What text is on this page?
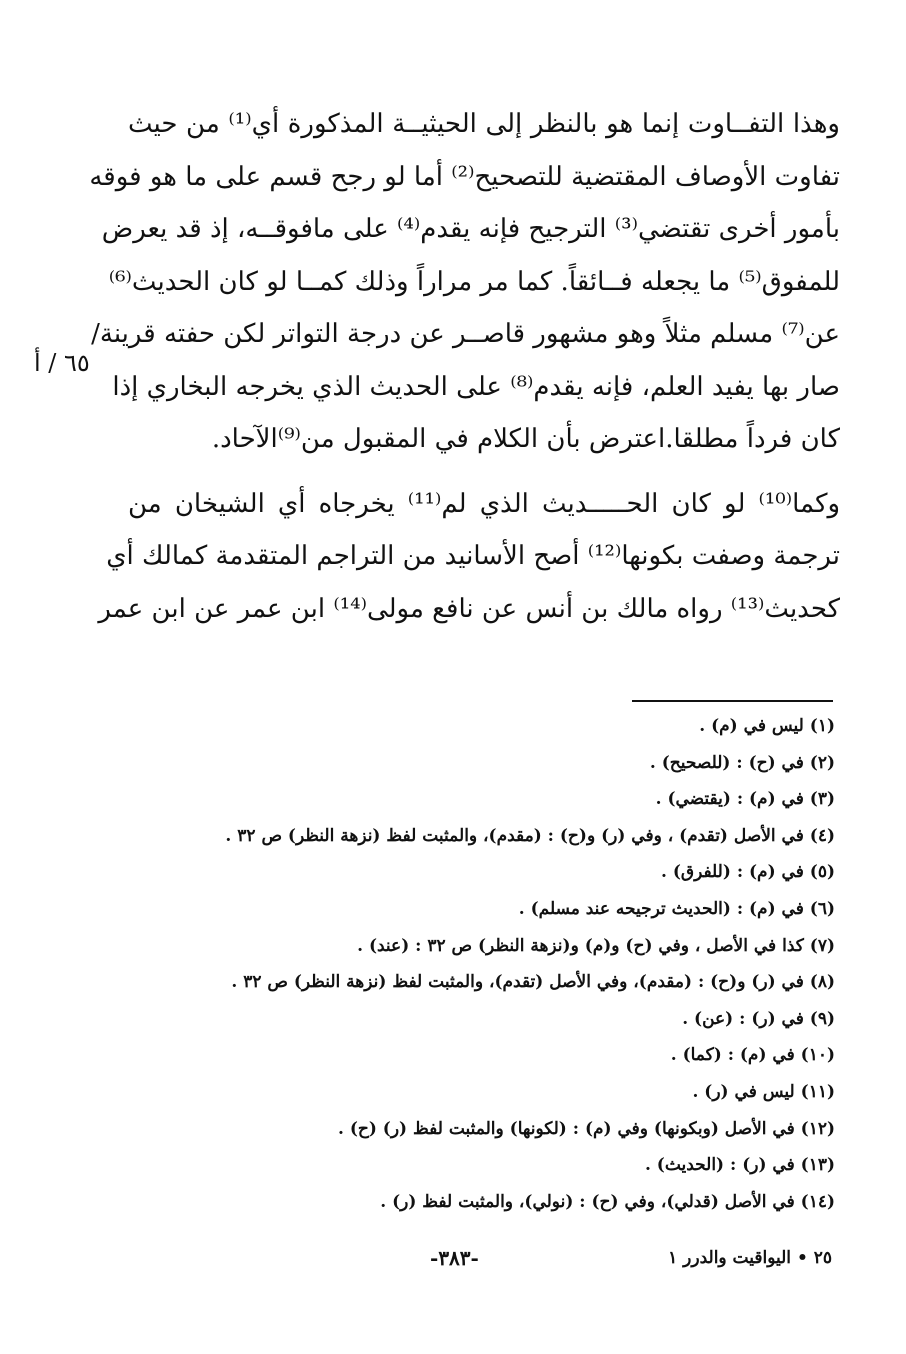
وهذا التفــاوت إنما هو بالنظر إلى الحيثيــة المذكورة أي⁽¹⁾ من حيث
تفاوت الأوصاف المقتضية للتصحيح⁽²⁾ أما لو رجح قسم على ما هو فوقه
بأمور أخرى تقتضي⁽³⁾ الترجيح فإنه يقدم⁽⁴⁾ على مافوقــه، إذ قد يعرض
للمفوق⁽⁵⁾ ما يجعله فــائقاً. كما مر مراراً وذلك كمــا لو كان الحديث⁽⁶⁾
عن⁽⁷⁾ مسلم مثلاً وهو مشهور قاصــر عن درجة التواتر لكن حفته قرينة/
صار بها يفيد العلم، فإنه يقدم⁽⁸⁾ على الحديث الذي يخرجه البخاري إذا
كان فرداً مطلقا.اعترض بأن الكلام في المقبول من⁽⁹⁾الآحاد.
وكما⁽¹⁰⁾ لو كان الحـــــديث الذي لم⁽¹¹⁾ يخرجاه أي الشيخان من
ترجمة وصفت بكونها⁽¹²⁾ أصح الأسانيد من التراجم المتقدمة كمالك أي
كحديث⁽¹³⁾ رواه مالك بن أنس عن نافع مولى⁽¹⁴⁾ ابن عمر عن ابن عمر
٦٥ / أ
(١) ليس في (م) .
(٢) في (ح) : (للصحيح) .
(٣) في (م) : (يقتضي) .
(٤) في الأصل (تقدم) ، وفي (ر) و(ح) : (مقدم)، والمثبت لفظ (نزهة النظر) ص ٣٢ .
(٥) في (م) : (للفرق) .
(٦) في (م) : (الحديث ترجيحه عند مسلم) .
(٧) كذا في الأصل ، وفي (ح) و(م) و(نزهة النظر) ص ٣٢ : (عند) .
(٨) في (ر) و(ح) : (مقدم)، وفي الأصل (تقدم)، والمثبت لفظ (نزهة النظر) ص ٣٢ .
(٩) في (ر) : (عن) .
(١٠) في (م) : (كما) .
(١١) ليس في (ر) .
(١٢) في الأصل (وبكونها) وفي (م) : (لكونها) والمثبت لفظ (ر) (ح) .
(١٣) في (ر) : (الحديث) .
(١٤) في الأصل (قدلي)، وفي (ح) : (نولي)، والمثبت لفظ (ر) .
-٣٨٣-	٢٥ • اليواقيت والدرر ١
